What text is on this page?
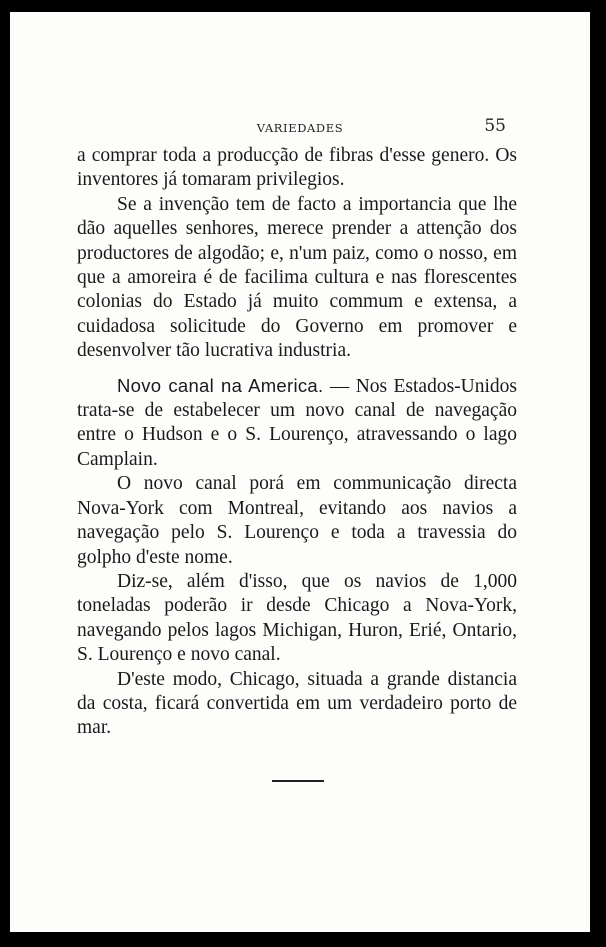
VARIEDADES	55

a comprar toda a producção de fibras d'esse genero. Os inventores já tomaram privilegios.

Se a invenção tem de facto a importancia que lhe dão aquelles senhores, merece prender a attenção dos productores de algodão; e, n'um paiz, como o nosso, em que a amoreira é de facilima cultura e nas florescentes colonias do Estado já muito commum e extensa, a cuidadosa solicitude do Governo em promover e desenvolver tão lucrativa industria.

Novo canal na America. — Nos Estados-Unidos trata-se de estabelecer um novo canal de navegação entre o Hudson e o S. Lourenço, atravessando o lago Camplain.

O novo canal porá em communicação directa Nova-York com Montreal, evitando aos navios a navegação pelo S. Lourenço e toda a travessia do golpho d'este nome.

Diz-se, além d'isso, que os navios de 1,000 toneladas poderão ir desde Chicago a Nova-York, navegando pelos lagos Michigan, Huron, Erié, Ontario, S. Lourenço e novo canal.

D'este modo, Chicago, situada a grande distancia da costa, ficará convertida em um verdadeiro porto de mar.
